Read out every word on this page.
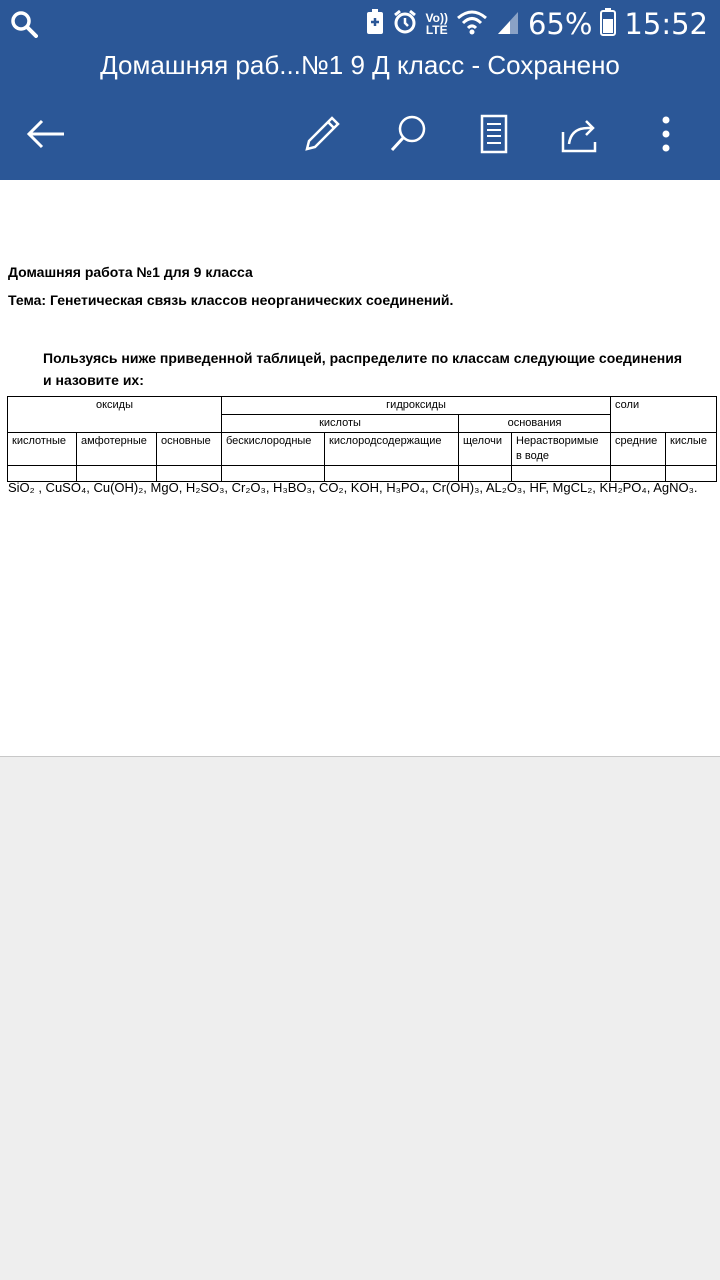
Vo))
LTE	65% 15:52
Домашняя раб...№1 9 Д класс - Сохранено
Домашняя работа №1 для 9 класса
Тема: Генетическая связь классов неорганических соединений.
Пользуясь ниже приведенной таблицей, распределите по классам следующие соединения и назовите их:
оксиды			гидроксиды				соли	
			кислоты		основания			
кислотные	амфотерные	основные	бескислородные	кислородсодержащие	щелочи	Нерастворимые в воде	средние	кислые

SiO₂ , CuSO₄, Cu(OH)₂, MgO, H₂SO₃, Cr₂O₃, H₃BO₃, CO₂, KOH, H₃PO₄, Cr(OH)₃, AL₂O₃, HF, MgCL₂, KH₂PO₄, AgNO₃.
